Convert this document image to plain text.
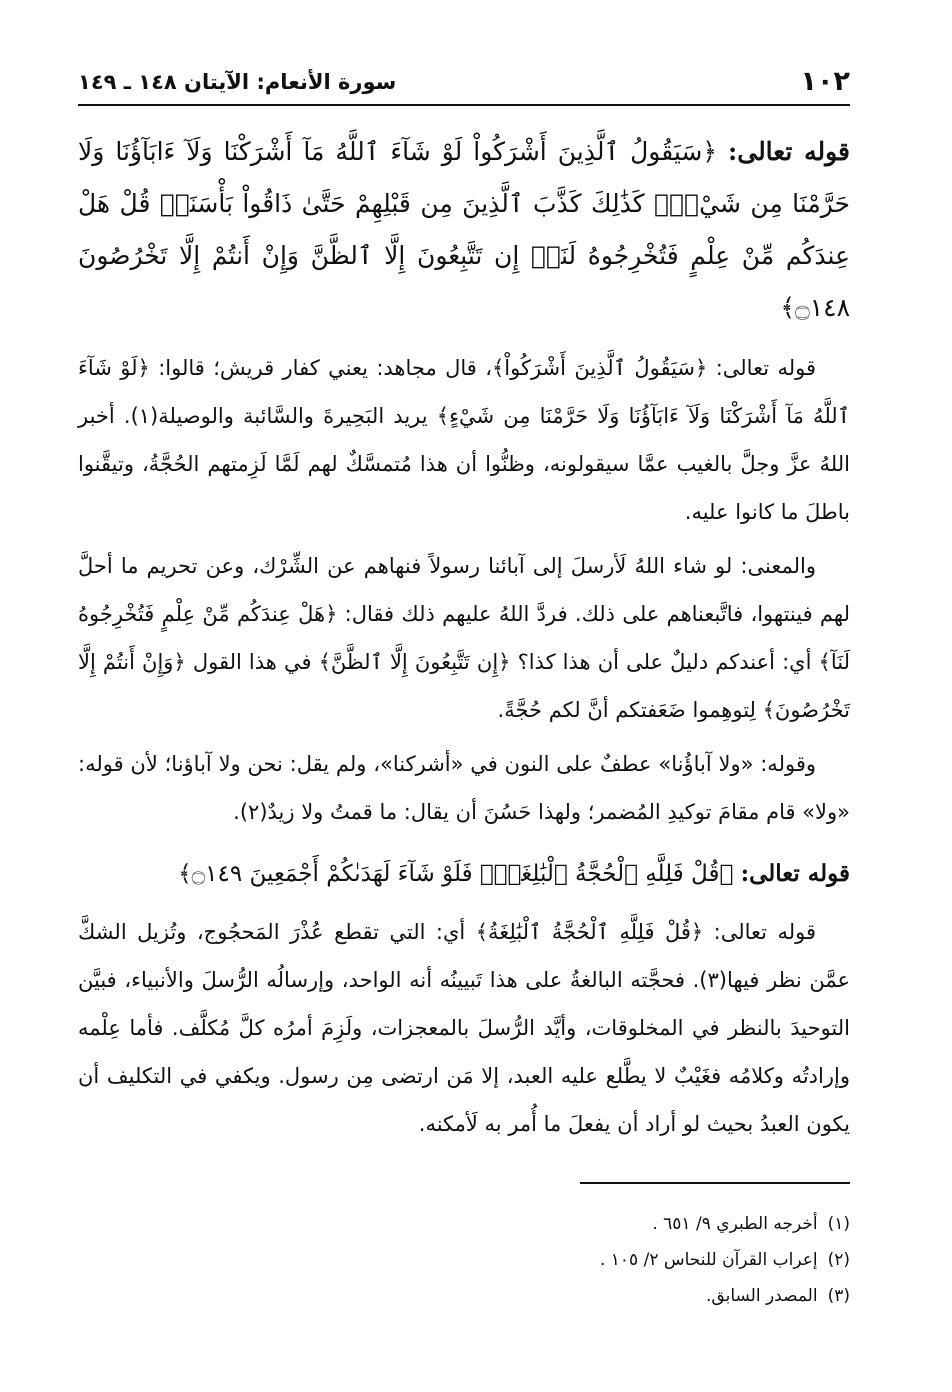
١٠٢
سورة الأنعام: الآيتان ١٤٨ ـ ١٤٩

قوله تعالى: ﴿سَيَقُولُ ٱلَّذِينَ أَشْرَكُواْ لَوْ شَآءَ ٱللَّهُ مَآ أَشْرَكْنَا وَلَآ ءَابَآؤُنَا وَلَا حَرَّمْنَا مِن شَيْءٍۚ كَذَٰلِكَ كَذَّبَ ٱلَّذِينَ مِن قَبْلِهِمْ حَتَّىٰ ذَاقُواْ بَأْسَنَاۗ قُلْ هَلْ عِندَكُم مِّنْ عِلْمٍ فَتُخْرِجُوهُ لَنَآۖ إِن تَتَّبِعُونَ إِلَّا ٱلظَّنَّ وَإِنْ أَنتُمْ إِلَّا تَخْرُصُونَ ۝١٤٨﴾

قوله تعالى: ﴿سَيَقُولُ ٱلَّذِينَ أَشْرَكُواْ﴾، قال مجاهد: يعني كفار قريش؛ قالوا: ﴿لَوْ شَآءَ ٱللَّهُ مَآ أَشْرَكْنَا وَلَآ ءَابَآؤُنَا وَلَا حَرَّمْنَا مِن شَيْءٍ﴾ يريد البَحِيرةَ والسَّائبة والوصيلة(١). أخبر اللهُ عزَّ وجلَّ بالغيب عمَّا سيقولونه، وظنُّوا أن هذا مُتمسَّكٌ لهم لَمَّا لَزِمتهم الحُجَّةُ، وتيقَّنوا باطلَ ما كانوا عليه.

والمعنى: لو شاء اللهُ لَأرسلَ إلى آبائنا رسولاً فنهاهم عن الشِّرْك، وعن تحريم ما أحلَّ لهم فينتهوا، فاتَّبعناهم على ذلك. فردَّ اللهُ عليهم ذلك فقال: ﴿هَلْ عِندَكُم مِّنْ عِلْمٍ فَتُخْرِجُوهُ لَنَآ﴾ أي: أعندكم دليلٌ على أن هذا كذا؟ ﴿إِن تَتَّبِعُونَ إِلَّا ٱلظَّنَّ﴾ في هذا القول ﴿وَإِنْ أَنتُمْ إِلَّا تَخْرُصُونَ﴾ لِتوهِموا ضَعَفتكم أنَّ لكم حُجَّةً.

وقوله: «ولا آباؤُنا» عطفٌ على النون في «أشركنا»، ولم يقل: نحن ولا آباؤنا؛ لأن قوله: «ولا» قام مقامَ توكيدِ المُضمر؛ ولهذا حَسُنَ أن يقال: ما قمتُ ولا زيدٌ(٢).

قوله تعالى: ﴿قُلْ فَلِلَّهِ ٱلْحُجَّةُ ٱلْبَٰلِغَةُۖ فَلَوْ شَآءَ لَهَدَىٰكُمْ أَجْمَعِينَ ۝١٤٩﴾

قوله تعالى: ﴿قُلْ فَلِلَّهِ ٱلْحُجَّةُ ٱلْبَٰلِغَةُ﴾ أي: التي تقطع عُذْرَ المَحجُوج، وتُزيل الشكَّ عمَّن نظر فيها(٣). فحجَّته البالغةُ على هذا تَبيينُه أنه الواحد، وإرسالُه الرُّسلَ والأنبياء، فبيَّن التوحيدَ بالنظر في المخلوقات، وأيَّد الرُّسلَ بالمعجزات، ولَزِمَ أمرُه كلَّ مُكلَّف. فأما عِلْمه وإرادتُه وكلامُه فغَيْبٌ لا يطَّلع عليه العبد، إلا مَن ارتضى مِن رسول. ويكفي في التكليف أن يكون العبدُ بحيث لو أراد أن يفعلَ ما أُمر به لَأمكنه.

(١)
أخرجه الطبري ٩/ ٦٥١ .
(٢)
إعراب القرآن للنحاس ٢/ ١٠٥ .
(٣)
المصدر السابق.
